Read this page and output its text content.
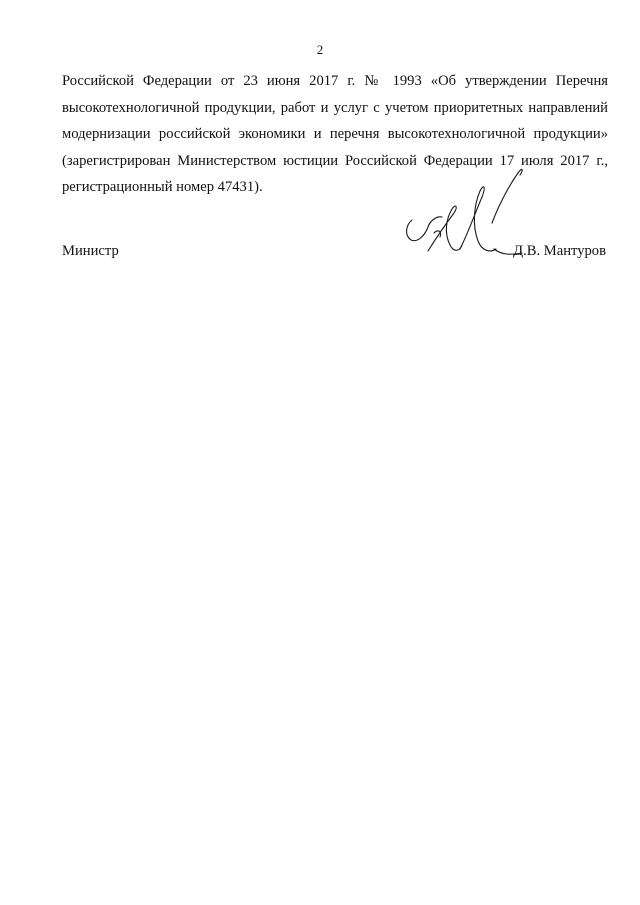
2
Российской Федерации от 23 июня 2017 г. № 1993 «Об утверждении Перечня
высокотехнологичной продукции, работ и услуг с учетом приоритетных направлений
модернизации российской экономики и перечня высокотехнологичной продукции»
(зарегистрирован Министерством юстиции Российской Федерации 17 июля 2017 г.,
регистрационный номер 47431).
Министр	Д.В. Мантуров
